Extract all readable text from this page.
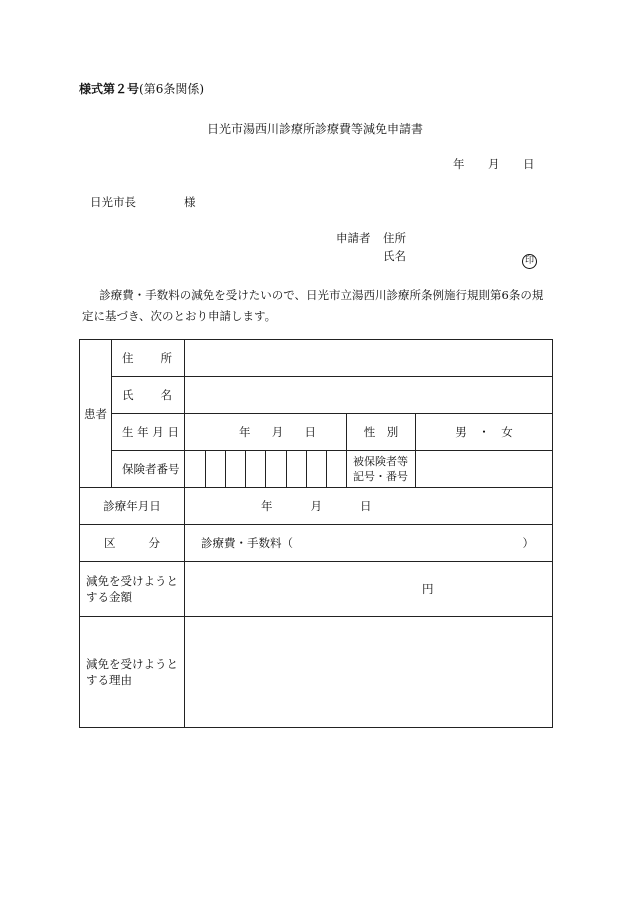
様式第２号(第6条関係)
日光市湯西川診療所診療費等減免申請書
年 月 日
日光市長	様
申請者 住所
氏名	印
診療費・手数料の減免を受けたいので、日光市立湯西川診療所条例施行規則第6条の規定に基づき、次のとおり申請します。
患者	住 所			

	氏 名			

	生 年 月 日	年 月 日	性　別	男　・　女
	保険者番号		被保険者等
記号・番号	

診療年月日		年 月 日		

区 分		診療費・手数料（ ）		

減免を受けようと
する金額		円		

減免を受けようと
する理由				
